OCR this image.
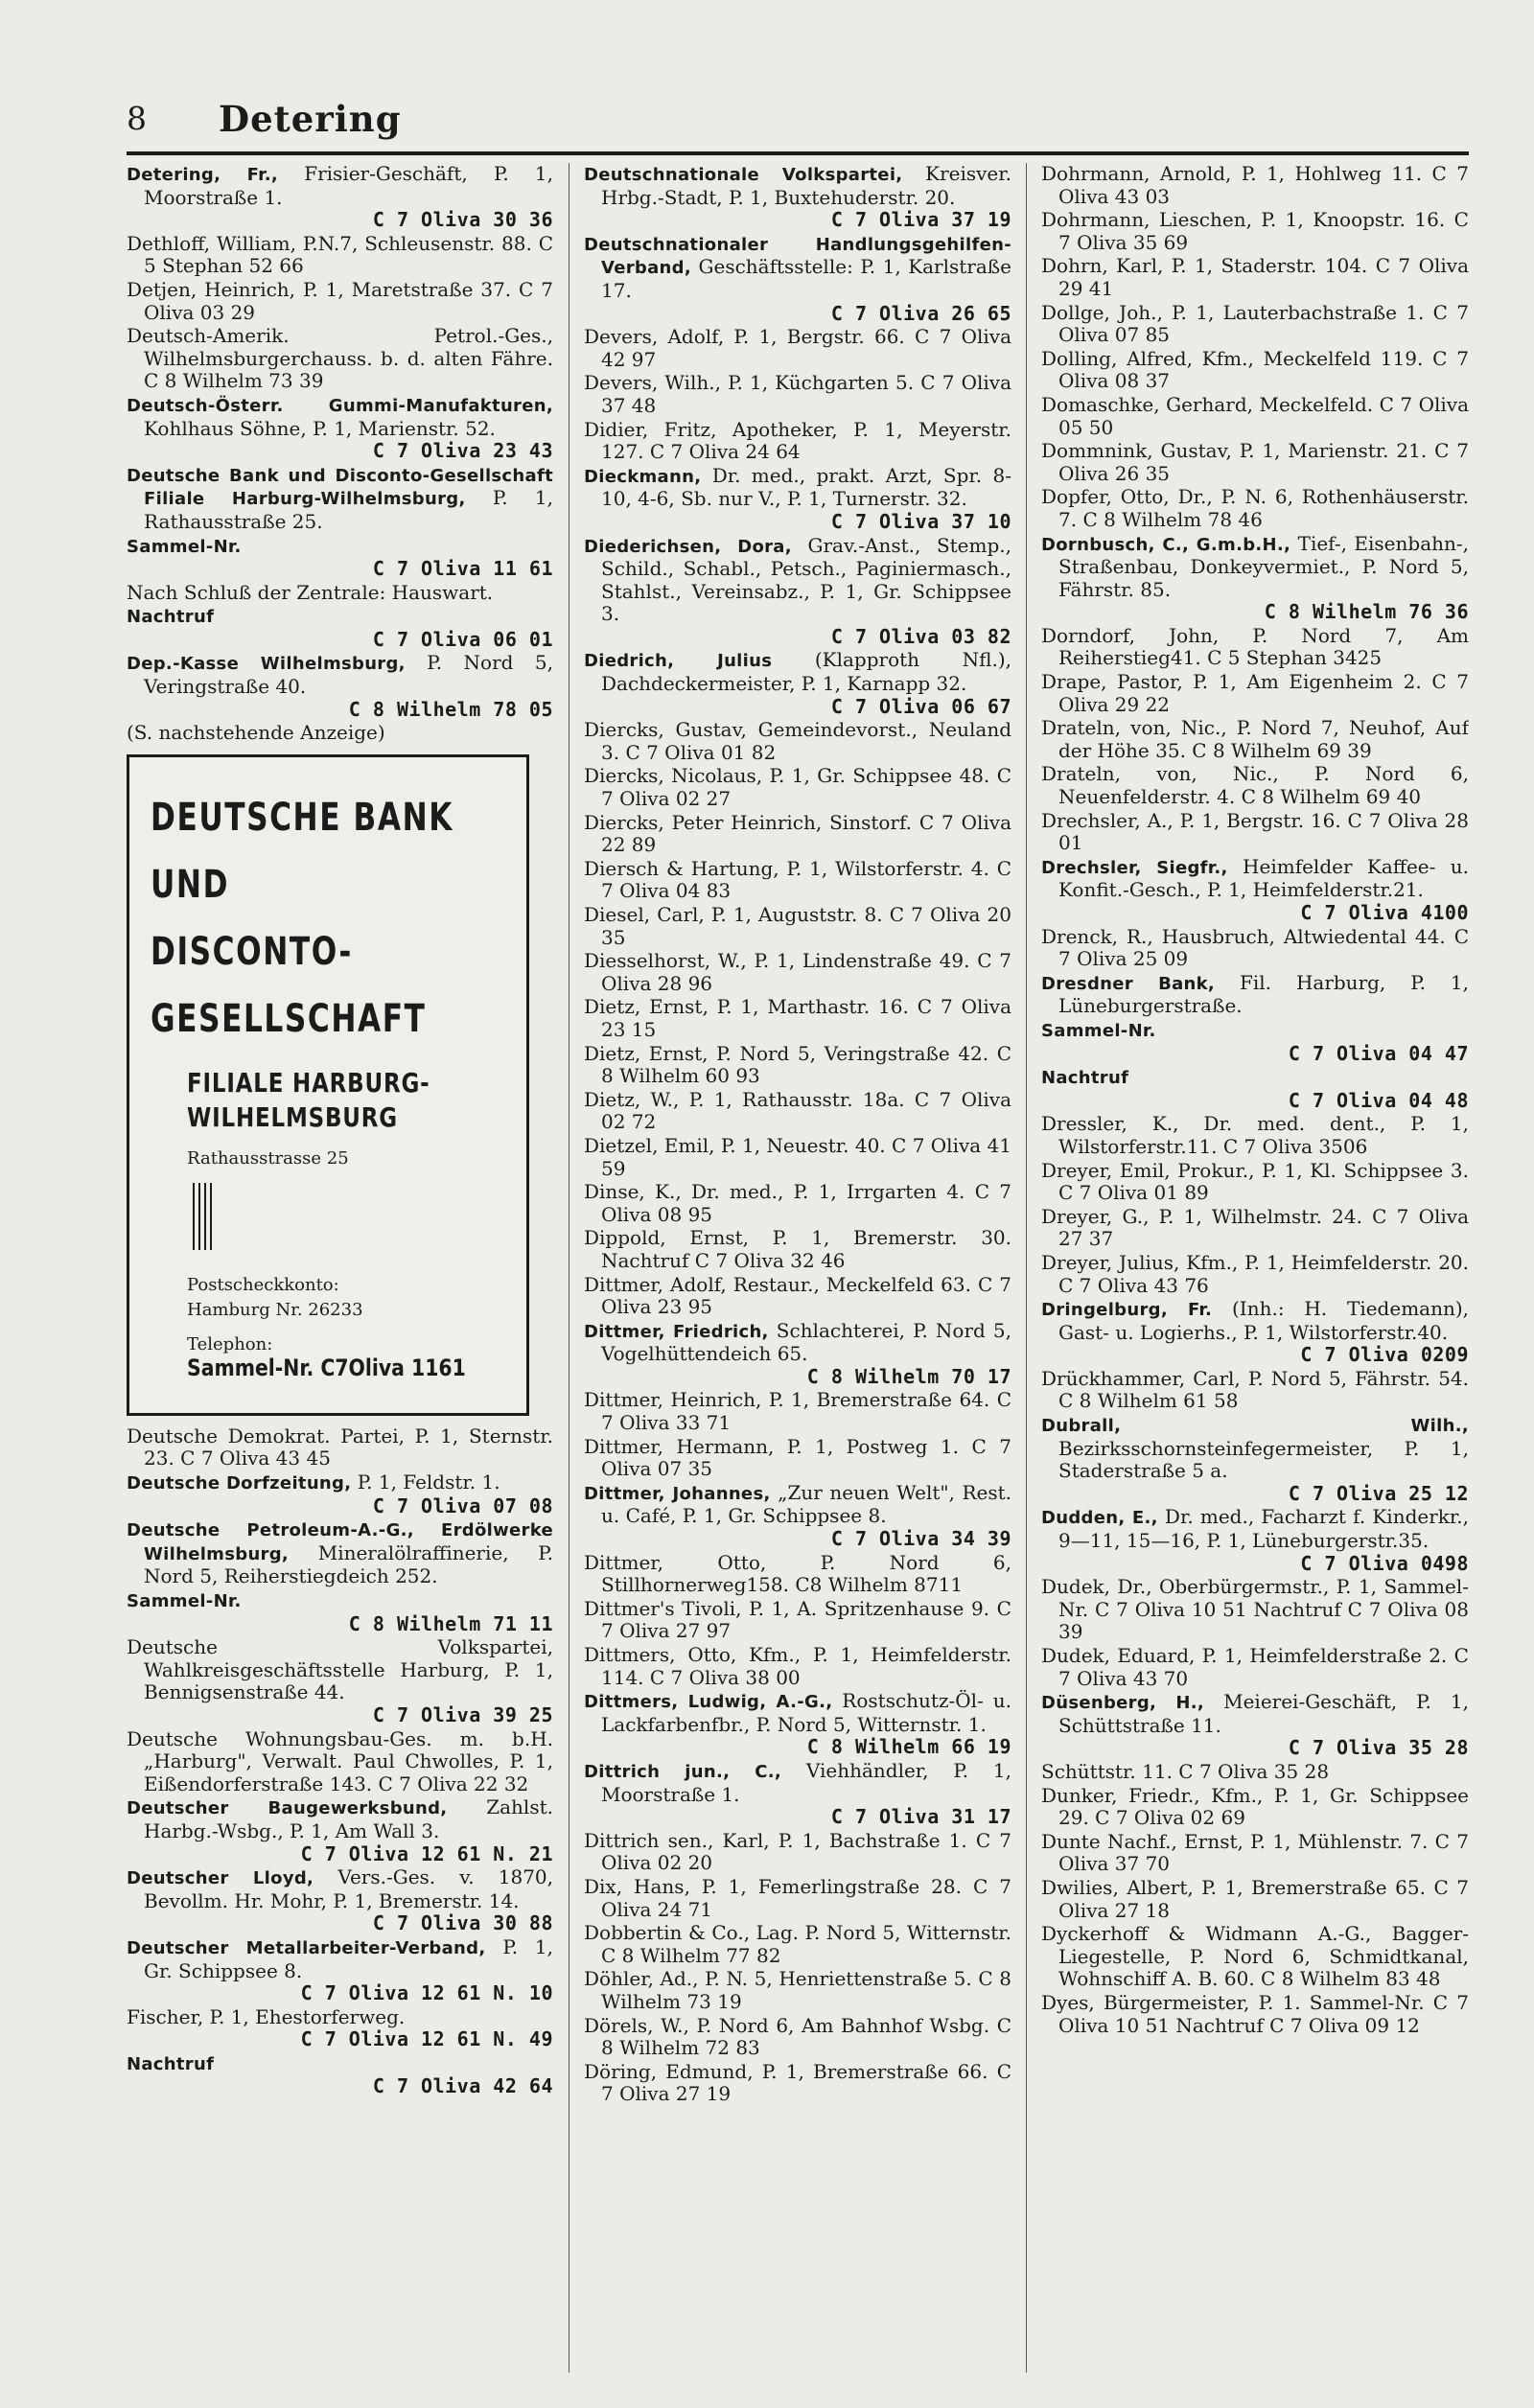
8 Detering

Detering, Fr., Frisier-Geschäft, P. 1, Moorstraße 1.
C 7 Oliva 30 36

Dethloff, William, P.N.7, Schleusenstr. 88. C 5 Stephan 52 66

Detjen, Heinrich, P. 1, Maretstraße 37. C 7 Oliva 03 29

Deutsch-Amerik. Petrol.-Ges., Wilhelmsburgerchauss. b. d. alten Fähre. C 8 Wilhelm 73 39

Deutsch-Österr. Gummi-Manufakturen, Kohlhaus Söhne, P. 1, Marienstr. 52.
C 7 Oliva 23 43

Deutsche Bank und Disconto-Gesellschaft Filiale Harburg-Wilhelmsburg, P. 1, Rathausstraße 25.

Sammel-Nr.
C 7 Oliva 11 61

Nach Schluß der Zentrale: Hauswart.

Nachtruf
C 7 Oliva 06 01

Dep.-Kasse Wilhelmsburg, P. Nord 5, Veringstraße 40.
C 8 Wilhelm 78 05

(S. nachstehende Anzeige)

DEUTSCHE BANK
UND
DISCONTO-
GESELLSCHAFT
FILIALE HARBURG-
WILHELMSBURG
Rathausstrasse 25
Postscheckkonto:
Hamburg Nr. 26233
Telephon:
Sammel-Nr. C7Oliva 1161

Deutsche Demokrat. Partei, P. 1, Sternstr. 23. C 7 Oliva 43 45

Deutsche Dorfzeitung, P. 1, Feldstr. 1.
C 7 Oliva 07 08

Deutsche Petroleum-A.-G., Erdölwerke Wilhelmsburg, Mineralölraffinerie, P. Nord 5, Reiherstiegdeich 252.

Sammel-Nr.
C 8 Wilhelm 71 11

Deutsche Volkspartei, Wahlkreisgeschäftsstelle Harburg, P. 1, Bennigsenstraße 44.
C 7 Oliva 39 25

Deutsche Wohnungsbau-Ges. m. b.H. „Harburg", Verwalt. Paul Chwolles, P. 1, Eißendorferstraße 143. C 7 Oliva 22 32

Deutscher Baugewerksbund, Zahlst. Harbg.-Wsbg., P. 1, Am Wall 3.
C 7 Oliva 12 61 N. 21

Deutscher Lloyd, Vers.-Ges. v. 1870, Bevollm. Hr. Mohr, P. 1, Bremerstr. 14.
C 7 Oliva 30 88

Deutscher Metallarbeiter-Verband, P. 1, Gr. Schippsee 8.
C 7 Oliva 12 61 N. 10

Fischer, P. 1, Ehestorferweg.
C 7 Oliva 12 61 N. 49

Nachtruf
C 7 Oliva 42 64

Deutschnationale Volkspartei, Kreisver. Hrbg.-Stadt, P. 1, Buxtehuderstr. 20.
C 7 Oliva 37 19

Deutschnationaler Handlungsgehilfen-Verband, Geschäftsstelle: P. 1, Karlstraße 17.
C 7 Oliva 26 65

Devers, Adolf, P. 1, Bergstr. 66. C 7 Oliva 42 97

Devers, Wilh., P. 1, Küchgarten 5. C 7 Oliva 37 48

Didier, Fritz, Apotheker, P. 1, Meyerstr. 127. C 7 Oliva 24 64

Dieckmann, Dr. med., prakt. Arzt, Spr. 8-10, 4-6, Sb. nur V., P. 1, Turnerstr. 32.
C 7 Oliva 37 10

Diederichsen, Dora, Grav.-Anst., Stemp., Schild., Schabl., Petsch., Paginiermasch., Stahlst., Vereinsabz., P. 1, Gr. Schippsee 3.
C 7 Oliva 03 82

Diedrich, Julius (Klapproth Nfl.), Dachdeckermeister, P. 1, Karnapp 32.
C 7 Oliva 06 67

Diercks, Gustav, Gemeindevorst., Neuland 3. C 7 Oliva 01 82

Diercks, Nicolaus, P. 1, Gr. Schippsee 48. C 7 Oliva 02 27

Diercks, Peter Heinrich, Sinstorf. C 7 Oliva 22 89

Diersch & Hartung, P. 1, Wilstorferstr. 4. C 7 Oliva 04 83

Diesel, Carl, P. 1, Auguststr. 8. C 7 Oliva 20 35

Diesselhorst, W., P. 1, Lindenstraße 49. C 7 Oliva 28 96

Dietz, Ernst, P. 1, Marthastr. 16. C 7 Oliva 23 15

Dietz, Ernst, P. Nord 5, Veringstraße 42. C 8 Wilhelm 60 93

Dietz, W., P. 1, Rathausstr. 18a. C 7 Oliva 02 72

Dietzel, Emil, P. 1, Neuestr. 40. C 7 Oliva 41 59

Dinse, K., Dr. med., P. 1, Irrgarten 4. C 7 Oliva 08 95

Dippold, Ernst, P. 1, Bremerstr. 30. Nachtruf C 7 Oliva 32 46

Dittmer, Adolf, Restaur., Meckelfeld 63. C 7 Oliva 23 95

Dittmer, Friedrich, Schlachterei, P. Nord 5, Vogelhüttendeich 65.
C 8 Wilhelm 70 17

Dittmer, Heinrich, P. 1, Bremerstraße 64. C 7 Oliva 33 71

Dittmer, Hermann, P. 1, Postweg 1. C 7 Oliva 07 35

Dittmer, Johannes, „Zur neuen Welt", Rest. u. Café, P. 1, Gr. Schippsee 8.
C 7 Oliva 34 39

Dittmer, Otto, P. Nord 6, Stillhornerweg158. C8 Wilhelm 8711

Dittmer's Tivoli, P. 1, A. Spritzenhause 9. C 7 Oliva 27 97

Dittmers, Otto, Kfm., P. 1, Heimfelderstr. 114. C 7 Oliva 38 00

Dittmers, Ludwig, A.-G., Rostschutz-Öl- u. Lackfarbenfbr., P. Nord 5, Witternstr. 1.
C 8 Wilhelm 66 19

Dittrich jun., C., Viehhändler, P. 1, Moorstraße 1.
C 7 Oliva 31 17

Dittrich sen., Karl, P. 1, Bachstraße 1. C 7 Oliva 02 20

Dix, Hans, P. 1, Femerlingstraße 28. C 7 Oliva 24 71

Dobbertin & Co., Lag. P. Nord 5, Witternstr. C 8 Wilhelm 77 82

Döhler, Ad., P. N. 5, Henriettenstraße 5. C 8 Wilhelm 73 19

Dörels, W., P. Nord 6, Am Bahnhof Wsbg. C 8 Wilhelm 72 83

Döring, Edmund, P. 1, Bremerstraße 66. C 7 Oliva 27 19

Dohrmann, Arnold, P. 1, Hohlweg 11. C 7 Oliva 43 03

Dohrmann, Lieschen, P. 1, Knoopstr. 16. C 7 Oliva 35 69

Dohrn, Karl, P. 1, Staderstr. 104. C 7 Oliva 29 41

Dollge, Joh., P. 1, Lauterbachstraße 1. C 7 Oliva 07 85

Dolling, Alfred, Kfm., Meckelfeld 119. C 7 Oliva 08 37

Domaschke, Gerhard, Meckelfeld. C 7 Oliva 05 50

Dommnink, Gustav, P. 1, Marienstr. 21. C 7 Oliva 26 35

Dopfer, Otto, Dr., P. N. 6, Rothenhäuserstr. 7. C 8 Wilhelm 78 46

Dornbusch, C., G.m.b.H., Tief-, Eisenbahn-, Straßenbau, Donkeyvermiet., P. Nord 5, Fährstr. 85.
C 8 Wilhelm 76 36

Dorndorf, John, P. Nord 7, Am Reiherstieg41. C 5 Stephan 3425

Drape, Pastor, P. 1, Am Eigenheim 2. C 7 Oliva 29 22

Drateln, von, Nic., P. Nord 7, Neuhof, Auf der Höhe 35. C 8 Wilhelm 69 39

Drateln, von, Nic., P. Nord 6, Neuenfelderstr. 4. C 8 Wilhelm 69 40

Drechsler, A., P. 1, Bergstr. 16. C 7 Oliva 28 01

Drechsler, Siegfr., Heimfelder Kaffee- u. Konfit.-Gesch., P. 1, Heimfelderstr.21.
C 7 Oliva 4100

Drenck, R., Hausbruch, Altwiedental 44. C 7 Oliva 25 09

Dresdner Bank, Fil. Harburg, P. 1, Lüneburgerstraße.

Sammel-Nr.
C 7 Oliva 04 47

Nachtruf
C 7 Oliva 04 48

Dressler, K., Dr. med. dent., P. 1, Wilstorferstr.11. C 7 Oliva 3506

Dreyer, Emil, Prokur., P. 1, Kl. Schippsee 3. C 7 Oliva 01 89

Dreyer, G., P. 1, Wilhelmstr. 24. C 7 Oliva 27 37

Dreyer, Julius, Kfm., P. 1, Heimfelderstr. 20. C 7 Oliva 43 76

Dringelburg, Fr. (Inh.: H. Tiedemann), Gast- u. Logierhs., P. 1, Wilstorferstr.40.
C 7 Oliva 0209

Drückhammer, Carl, P. Nord 5, Fährstr. 54. C 8 Wilhelm 61 58

Dubrall, Wilh., Bezirksschornsteinfegermeister, P. 1, Staderstraße 5 a.
C 7 Oliva 25 12

Dudden, E., Dr. med., Facharzt f. Kinderkr., 9—11, 15—16, P. 1, Lüneburgerstr.35.
C 7 Oliva 0498

Dudek, Dr., Oberbürgermstr., P. 1, Sammel-Nr. C 7 Oliva 10 51 Nachtruf C 7 Oliva 08 39

Dudek, Eduard, P. 1, Heimfelderstraße 2. C 7 Oliva 43 70

Düsenberg, H., Meierei-Geschäft, P. 1, Schüttstraße 11.
C 7 Oliva 35 28

Schüttstr. 11. C 7 Oliva 35 28

Dunker, Friedr., Kfm., P. 1, Gr. Schippsee 29. C 7 Oliva 02 69

Dunte Nachf., Ernst, P. 1, Mühlenstr. 7. C 7 Oliva 37 70

Dwilies, Albert, P. 1, Bremerstraße 65. C 7 Oliva 27 18

Dyckerhoff & Widmann A.-G., Bagger-Liegestelle, P. Nord 6, Schmidtkanal, Wohnschiff A. B. 60. C 8 Wilhelm 83 48

Dyes, Bürgermeister, P. 1. Sammel-Nr. C 7 Oliva 10 51 Nachtruf C 7 Oliva 09 12
